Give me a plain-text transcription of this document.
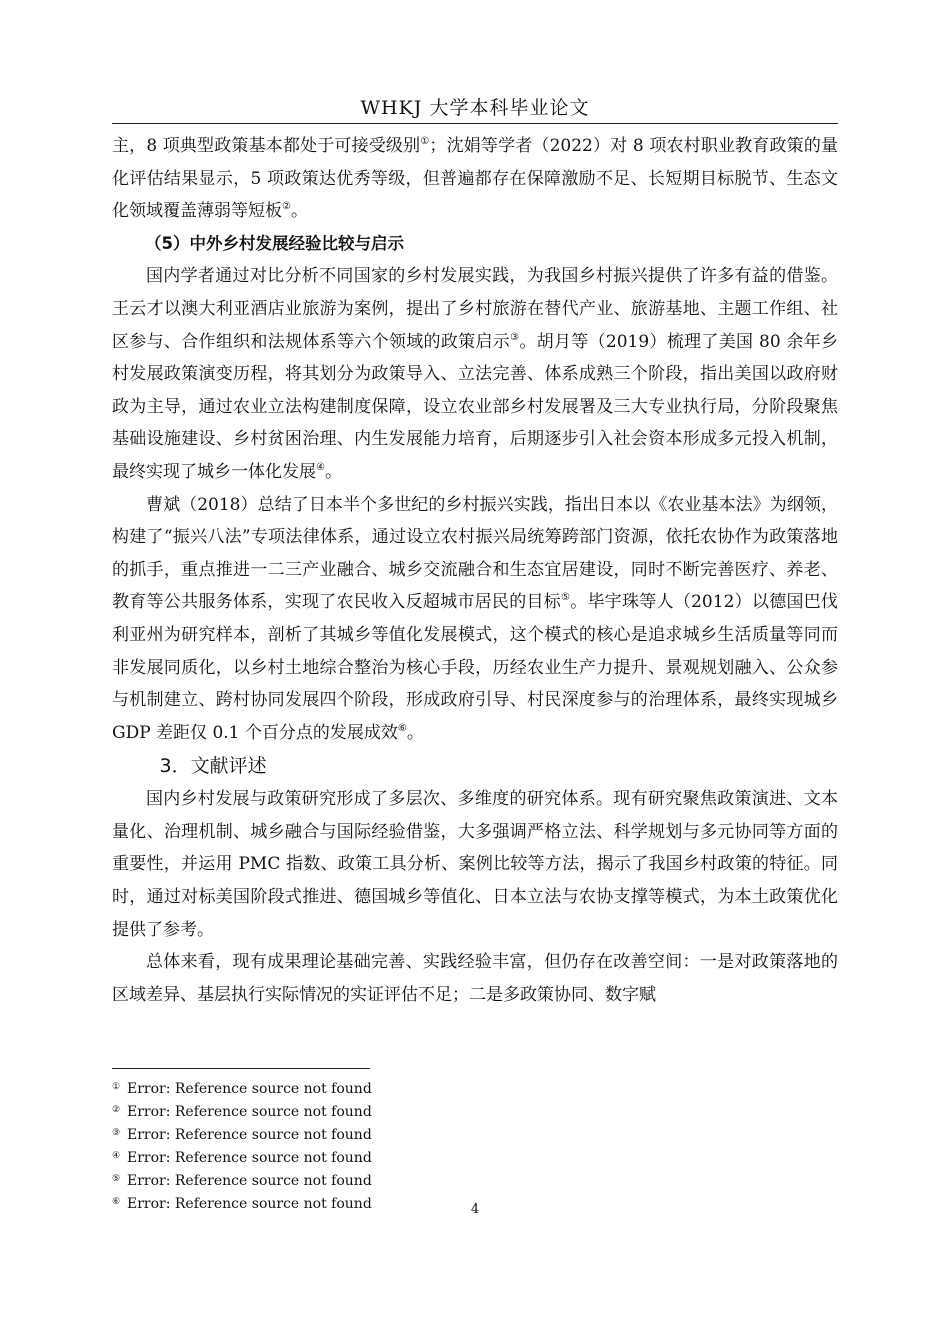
WHKJ 大学本科毕业论文

主，8 项典型政策基本都处于可接受级别①；沈娟等学者（2022）对 8 项农村职业教育政策的量化评估结果显示，5 项政策达优秀等级，但普遍都存在保障激励不足、长短期目标脱节、生态文化领域覆盖薄弱等短板②。

（5）中外乡村发展经验比较与启示

国内学者通过对比分析不同国家的乡村发展实践，为我国乡村振兴提供了许多有益的借鉴。王云才以澳大利亚酒店业旅游为案例，提出了乡村旅游在替代产业、旅游基地、主题工作组、社区参与、合作组织和法规体系等六个领域的政策启示③。胡月等（2019）梳理了美国 80 余年乡村发展政策演变历程，将其划分为政策导入、立法完善、体系成熟三个阶段，指出美国以政府财政为主导，通过农业立法构建制度保障，设立农业部乡村发展署及三大专业执行局，分阶段聚焦基础设施建设、乡村贫困治理、内生发展能力培育，后期逐步引入社会资本形成多元投入机制，最终实现了城乡一体化发展④。

曹斌（2018）总结了日本半个多世纪的乡村振兴实践，指出日本以《农业基本法》为纲领，构建了“振兴八法”专项法律体系，通过设立农村振兴局统筹跨部门资源，依托农协作为政策落地的抓手，重点推进一二三产业融合、城乡交流融合和生态宜居建设，同时不断完善医疗、养老、教育等公共服务体系，实现了农民收入反超城市居民的目标⑤。毕宇珠等人（2012）以德国巴伐利亚州为研究样本，剖析了其城乡等值化发展模式，这个模式的核心是追求城乡生活质量等同而非发展同质化，以乡村土地综合整治为核心手段，历经农业生产力提升、景观规划融入、公众参与机制建立、跨村协同发展四个阶段，形成政府引导、村民深度参与的治理体系，最终实现城乡 GDP 差距仅 0.1 个百分点的发展成效⑥。

3．文献评述

国内乡村发展与政策研究形成了多层次、多维度的研究体系。现有研究聚焦政策演进、文本量化、治理机制、城乡融合与国际经验借鉴，大多强调严格立法、科学规划与多元协同等方面的重要性，并运用 PMC 指数、政策工具分析、案例比较等方法，揭示了我国乡村政策的特征。同时，通过对标美国阶段式推进、德国城乡等值化、日本立法与农协支撑等模式，为本土政策优化提供了参考。

总体来看，现有成果理论基础完善、实践经验丰富，但仍存在改善空间：一是对政策落地的区域差异、基层执行实际情况的实证评估不足；二是多政策协同、数字赋

① Error: Reference source not found
② Error: Reference source not found
③ Error: Reference source not found
④ Error: Reference source not found
⑤ Error: Reference source not found
⑥ Error: Reference source not found	4
